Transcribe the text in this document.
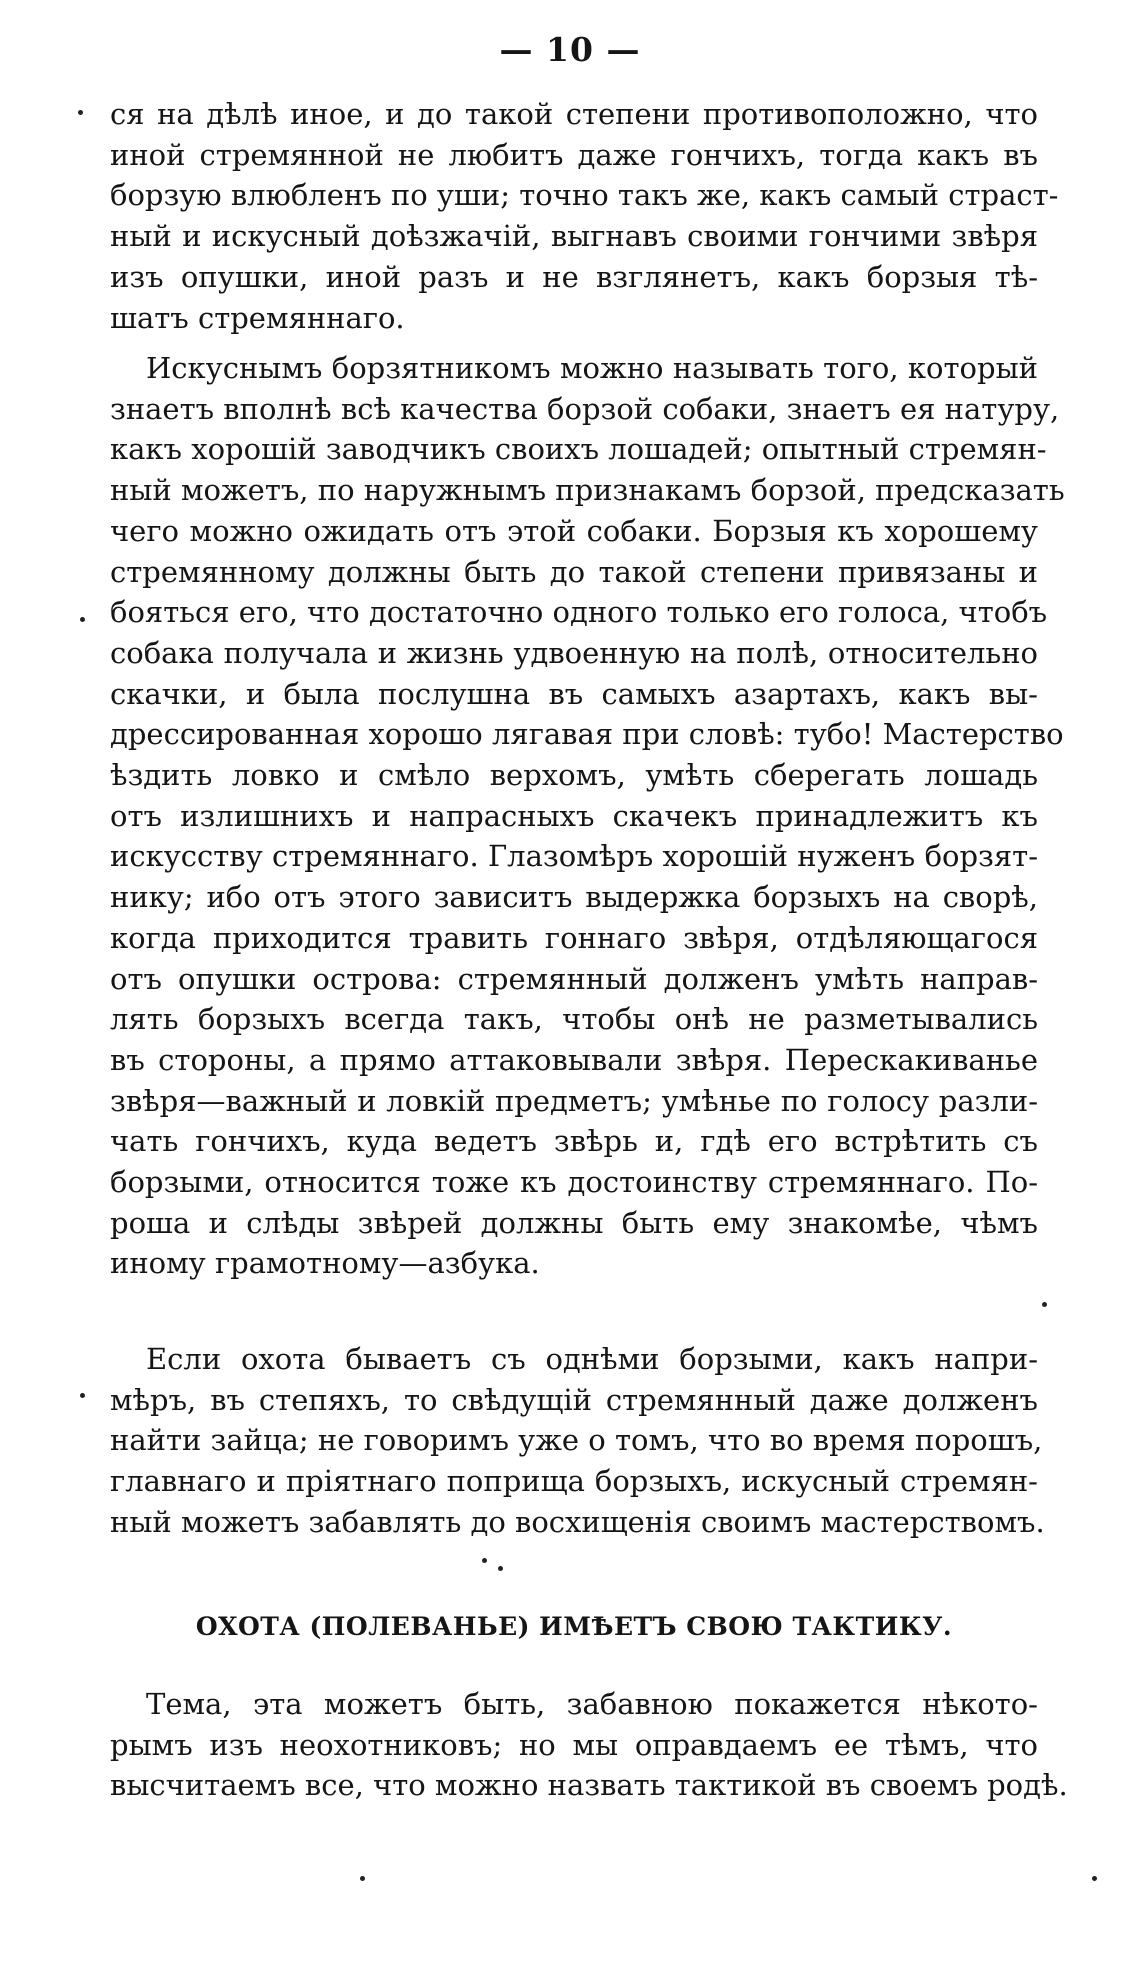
— 10 —
ся на дѣлѣ иное, и до такой степени противоположно, что
иной стремянной не любитъ даже гончихъ, тогда какъ въ
борзую влюбленъ по уши; точно такъ же, какъ самый страст-
ный и искусный доѣзжачій, выгнавъ своими гончими звѣря
изъ опушки, иной разъ и не взглянетъ, какъ борзыя тѣ-
шатъ стремяннаго.
Искуснымъ борзятникомъ можно называть того, который
знаетъ вполнѣ всѣ качества борзой собаки, знаетъ ея натуру,
какъ хорошій заводчикъ своихъ лошадей; опытный стремян-
ный можетъ, по наружнымъ признакамъ борзой, предсказать
чего можно ожидать отъ этой собаки. Борзыя къ хорошему
стремянному должны быть до такой степени привязаны и
бояться его, что достаточно одного только его голоса, чтобъ
собака получала и жизнь удвоенную на полѣ, относительно
скачки, и была послушна въ самыхъ азартахъ, какъ вы-
дрессированная хорошо лягавая при словѣ: тубо! Мастерство
ѣздить ловко и смѣло верхомъ, умѣть сберегать лошадь
отъ излишнихъ и напрасныхъ скачекъ принадлежитъ къ
искусству стремяннаго. Глазомѣръ хорошій нуженъ борзят-
нику; ибо отъ этого зависитъ выдержка борзыхъ на сворѣ,
когда приходится травить гоннаго звѣря, отдѣляющагося
отъ опушки острова: стремянный долженъ умѣть направ-
лять борзыхъ всегда такъ, чтобы онѣ не разметывались
въ стороны, а прямо аттаковывали звѣря. Перескакиванье
звѣря—важный и ловкій предметъ; умѣнье по голосу разли-
чать гончихъ, куда ведетъ звѣрь и, гдѣ его встрѣтить съ
борзыми, относится тоже къ достоинству стремяннаго. По-
роша и слѣды звѣрей должны быть ему знакомѣе, чѣмъ
иному грамотному—азбука.
Если охота бываетъ съ однѣми борзыми, какъ напри-
мѣръ, въ степяхъ, то свѣдущій стремянный даже долженъ
найти зайца; не говоримъ уже о томъ, что во время порошъ,
главнаго и пріятнаго поприща борзыхъ, искусный стремян-
ный можетъ забавлять до восхищенія своимъ мастерствомъ.
ОХОТА (ПОЛЕВАНЬЕ) ИМѢЕТЪ СВОЮ ТАКТИКУ.
Тема, эта можетъ быть, забавною покажется нѣкото-
рымъ изъ неохотниковъ; но мы оправдаемъ ее тѣмъ, что
высчитаемъ все, что можно назвать тактикой въ своемъ родѣ.
